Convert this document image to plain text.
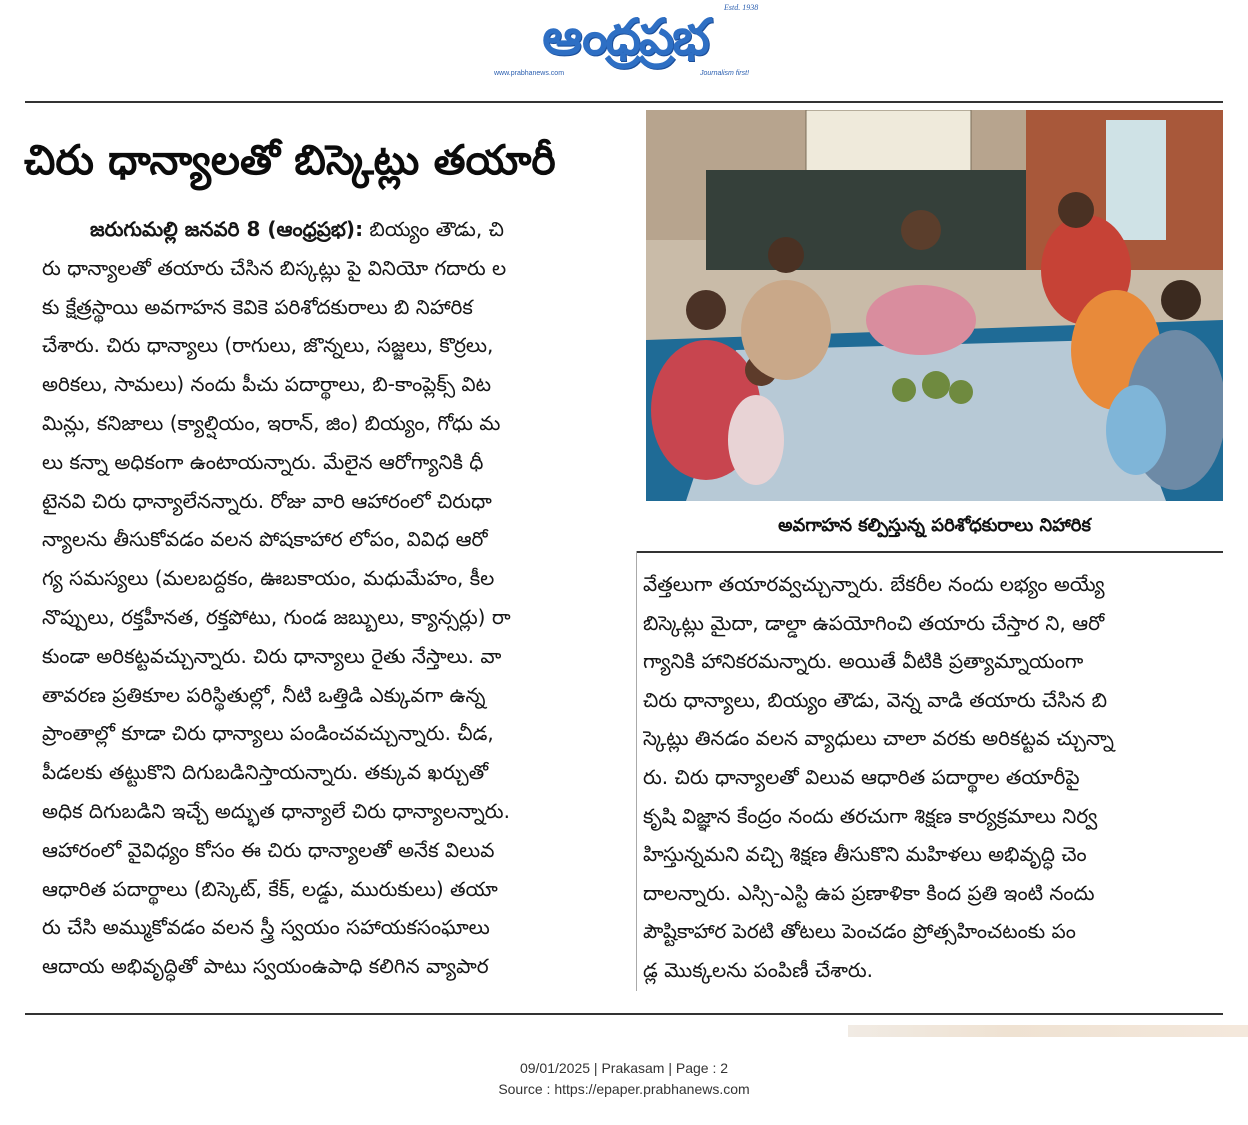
Estd. 1938
ఆంధ్రప్రభ
www.prabhanews.com	Journalism first!
చిరు ధాన్యాలతో బిస్కెట్లు తయారీ
జరుగుమల్లి జనవరి 8 (ఆంధ్రప్రభ): బియ్యం తౌడు, చి
రు ధాన్యాలతో తయారు చేసిన బిస్కట్లు పై వినియో గదారు ల
కు క్షేత్రస్థాయి అవగాహన కెవికె పరిశోదకురాలు బి నిహారిక
చేశారు. చిరు ధాన్యాలు (రాగులు, జొన్నలు, సజ్జలు, కొర్రలు,
అరికలు, సామలు) నందు పీచు పదార్థాలు, బి-కాంప్లెక్స్ విట
మిన్లు, కనిజాలు (క్యాల్షియం, ఇరాన్, జిం) బియ్యం, గోధు మ
లు కన్నా అధికంగా ఉంటాయన్నారు. మేలైన ఆరోగ్యానికి ధీ
టైనవి చిరు ధాన్యాలేనన్నారు. రోజు వారి ఆహారంలో చిరుధా
న్యాలను తీసుకోవడం వలన పోషకాహార లోపం, వివిధ ఆరో
గ్య సమస్యలు (మలబద్దకం, ఊబకాయం, మధుమేహం, కీల
నొప్పులు, రక్తహీనత, రక్తపోటు, గుండ జబ్బులు, క్యాన్సర్లు) రా
కుండా అరికట్టవచ్చున్నారు. చిరు ధాన్యాలు రైతు నేస్తాలు. వా
తావరణ ప్రతికూల పరిస్థితుల్లో, నీటి ఒత్తిడి ఎక్కువగా ఉన్న
ప్రాంతాల్లో కూడా చిరు ధాన్యాలు పండించవచ్చున్నారు. చీడ,
పీడలకు తట్టుకొని దిగుబడినిస్తాయన్నారు. తక్కువ ఖర్చుతో
అధిక దిగుబడిని ఇచ్చే అద్భుత ధాన్యాలే చిరు ధాన్యాలన్నారు.
ఆహారంలో వైవిధ్యం కోసం ఈ చిరు ధాన్యాలతో అనేక విలువ
ఆధారిత పదార్థాలు (బిస్కెట్, కేక్, లడ్డు, మురుకులు) తయా
రు చేసి అమ్ముకోవడం వలన స్త్రీ స్వయం సహాయకసంఘాలు
ఆదాయ అభివృద్ధితో పాటు స్వయంఉపాధి కలిగిన వ్యాపార
అవగాహన కల్పిస్తున్న పరిశోధకురాలు నిహారిక
వేత్తలుగా తయారవ్వచ్చున్నారు. బేకరీల నందు లభ్యం అయ్యే
బిస్కెట్లు మైదా, డాల్డా ఉపయోగించి తయారు చేస్తార ని, ఆరో
గ్యానికి హానికరమన్నారు. అయితే వీటికి ప్రత్యామ్నాయంగా
చిరు ధాన్యాలు, బియ్యం తౌడు, వెన్న వాడి తయారు చేసిన బి
స్కెట్లు తినడం వలన వ్యాధులు చాలా వరకు అరికట్టవ చ్చున్నా
రు. చిరు ధాన్యాలతో విలువ ఆధారిత పదార్థాల తయారీపై
కృషి విజ్ఞాన కేంద్రం నందు తరచుగా శిక్షణ కార్యక్రమాలు నిర్వ
హిస్తున్నమని వచ్చి శిక్షణ తీసుకొని మహిళలు అభివృద్ధి చెం
దాలన్నారు. ఎస్సి-ఎస్టి ఉప ప్రణాళికా కింద ప్రతి ఇంటి నందు
పౌష్టికాహార పెరటి తోటలు పెంచడం ప్రోత్సహించటంకు పం
డ్ల మొక్కలను పంపిణీ చేశారు.
09/01/2025 | Prakasam | Page : 2
Source : https://epaper.prabhanews.com
